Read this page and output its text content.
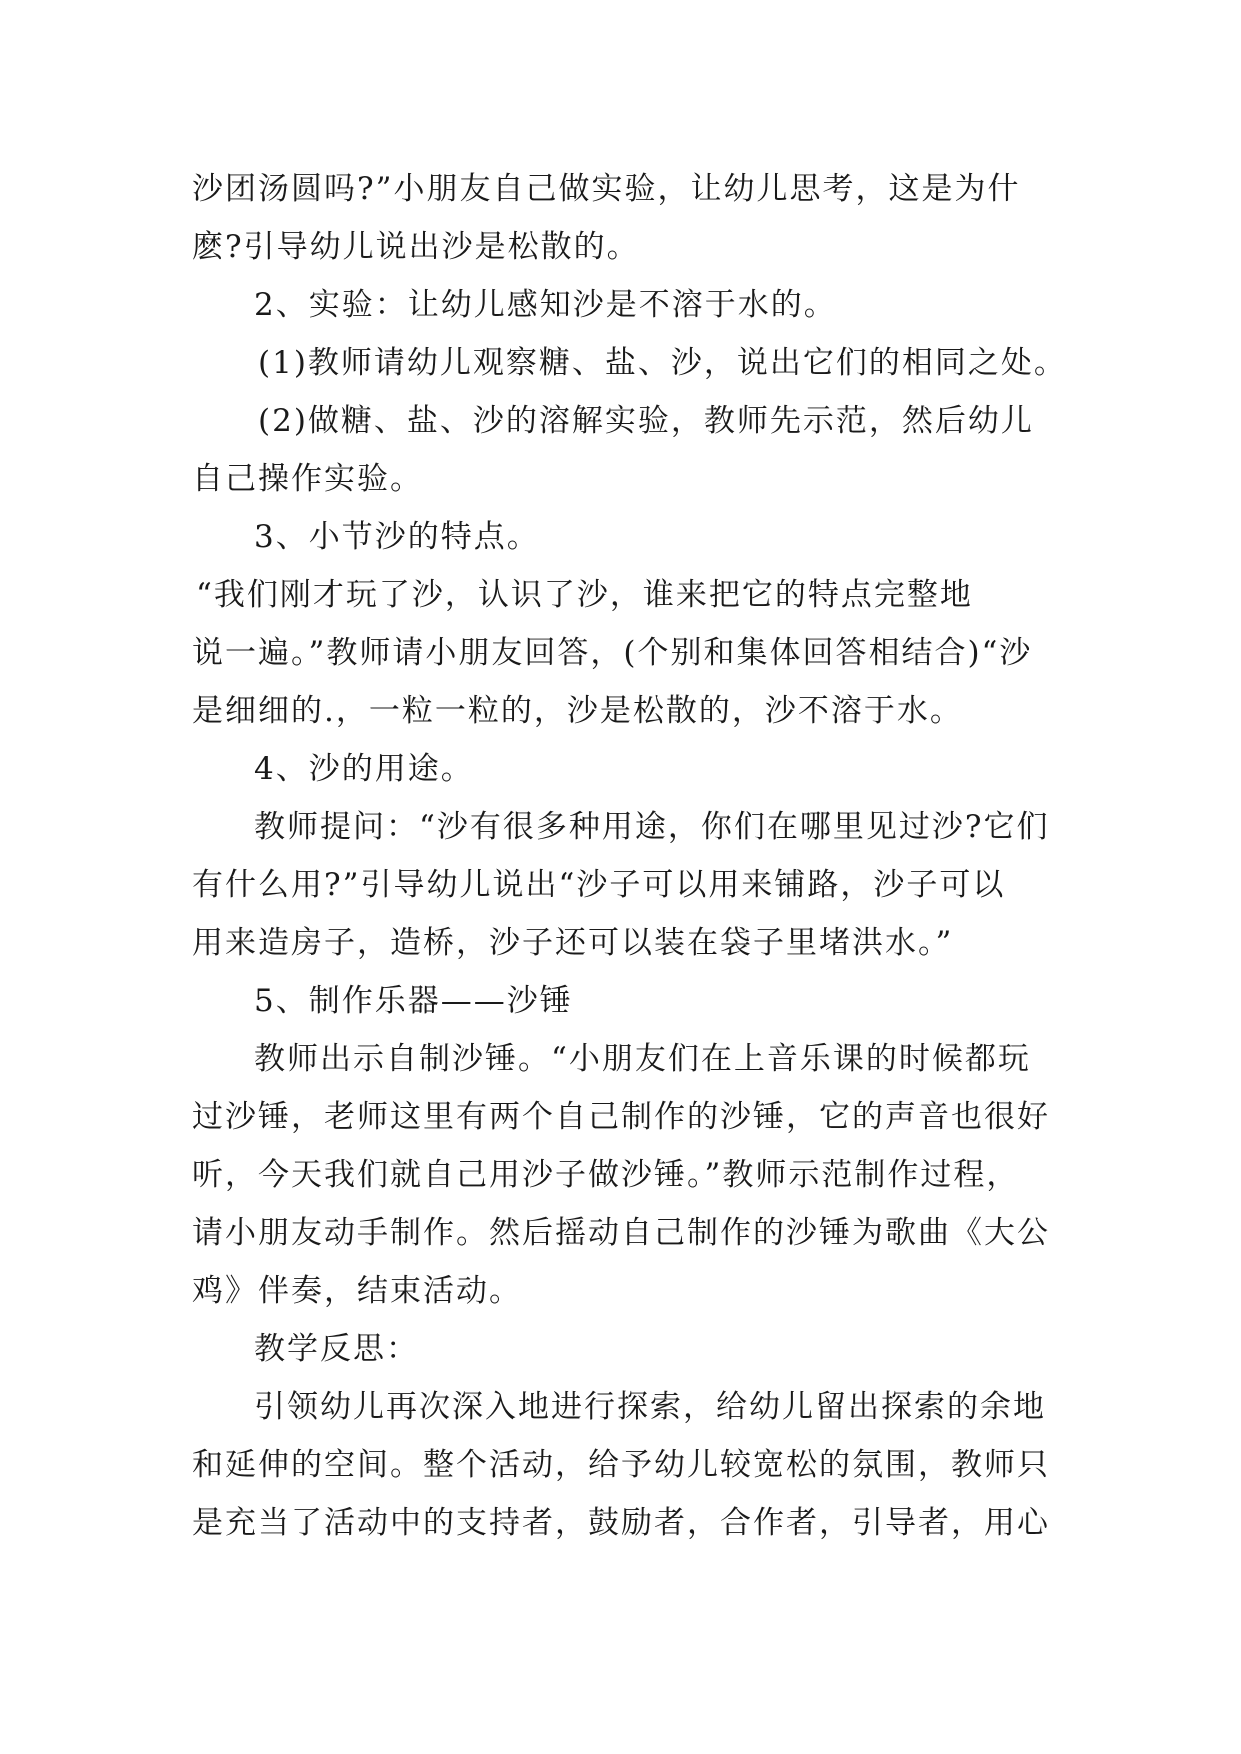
沙团汤圆吗?”小朋友自己做实验，让幼儿思考，这是为什
麽?引导幼儿说出沙是松散的。
2、实验：让幼儿感知沙是不溶于水的。
(1)教师请幼儿观察糖、盐、沙，说出它们的相同之处。
(2)做糖、盐、沙的溶解实验，教师先示范，然后幼儿
自己操作实验。
3、小节沙的特点。
“我们刚才玩了沙，认识了沙，谁来把它的特点完整地
说一遍。”教师请小朋友回答，(个别和集体回答相结合)“沙
是细细的.，一粒一粒的，沙是松散的，沙不溶于水。
4、沙的用途。
教师提问：“沙有很多种用途，你们在哪里见过沙?它们
有什么用?”引导幼儿说出“沙子可以用来铺路，沙子可以
用来造房子，造桥，沙子还可以装在袋子里堵洪水。”
5、制作乐器——沙锤
教师出示自制沙锤。“小朋友们在上音乐课的时候都玩
过沙锤，老师这里有两个自己制作的沙锤，它的声音也很好
听，今天我们就自己用沙子做沙锤。”教师示范制作过程，
请小朋友动手制作。然后摇动自己制作的沙锤为歌曲《大公
鸡》伴奏，结束活动。
教学反思：
引领幼儿再次深入地进行探索，给幼儿留出探索的余地
和延伸的空间。整个活动，给予幼儿较宽松的氛围，教师只
是充当了活动中的支持者，鼓励者，合作者，引导者，用心
